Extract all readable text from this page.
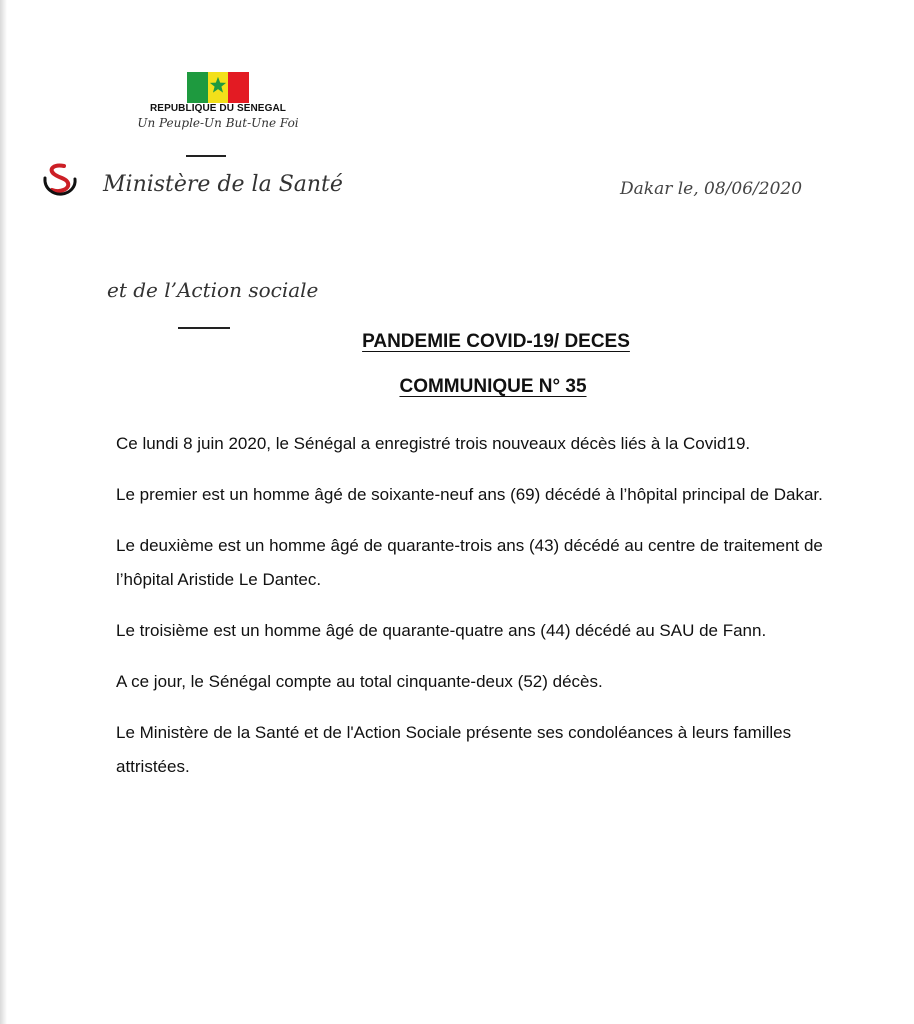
REPUBLIQUE DU SENEGAL
Un Peuple-Un But-Une Foi
Ministère de la Santé	Dakar le, 08/06/2020
et de l’Action sociale
PANDEMIE COVID-19/ DECES
COMMUNIQUE N° 35

Ce lundi 8 juin 2020, le Sénégal a enregistré trois nouveaux décès liés à la Covid19.

Le premier est un homme âgé de soixante-neuf ans (69) décédé à l’hôpital principal de Dakar.

Le deuxième est un homme âgé de quarante-trois ans (43) décédé au centre de traitement de l’hôpital Aristide Le Dantec.

Le troisième est un homme âgé de quarante-quatre ans (44) décédé au SAU de Fann.

A ce jour, le Sénégal compte au total cinquante-deux (52) décès.

Le Ministère de la Santé et de l'Action Sociale présente ses condoléances à leurs familles attristées.
